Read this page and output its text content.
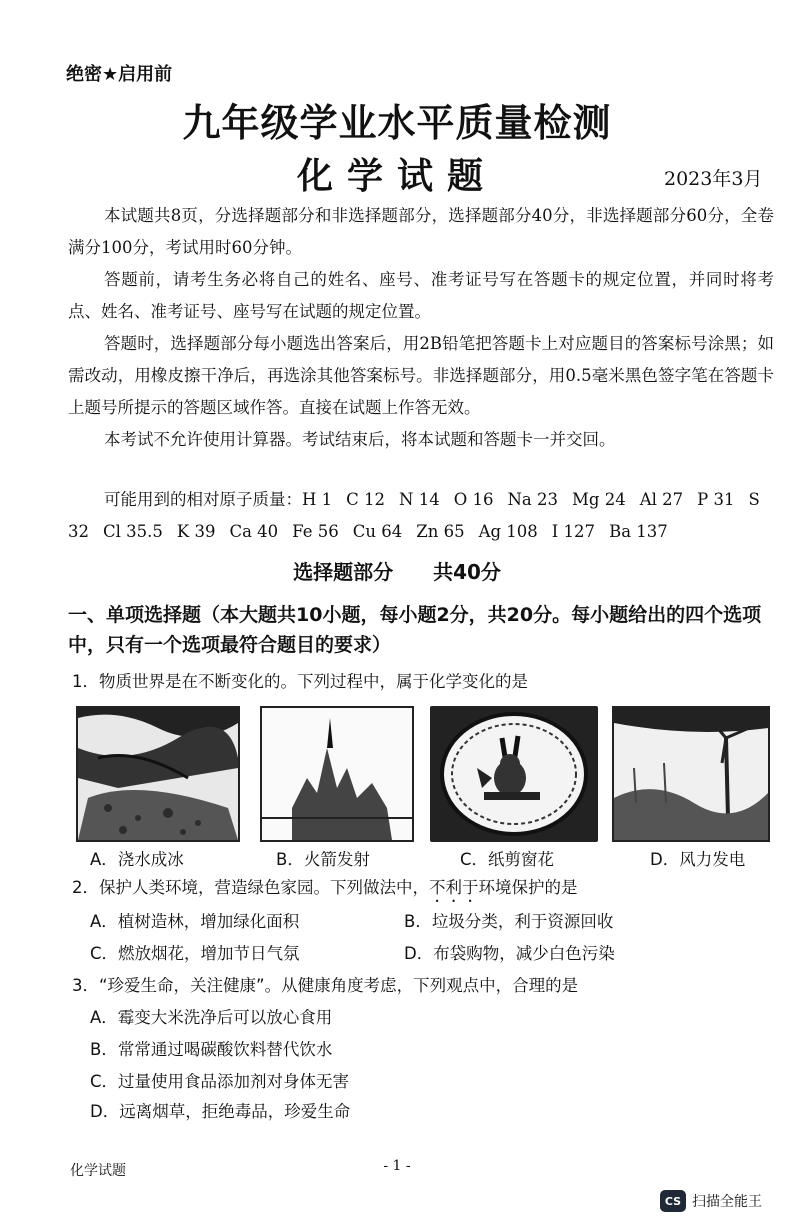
绝密★启用前
九年级学业水平质量检测
化学试题	2023年3月
本试题共8页，分选择题部分和非选择题部分，选择题部分40分，非选择题部分60分，全卷满分100分，考试用时60分钟。
答题前，请考生务必将自己的姓名、座号、准考证号写在答题卡的规定位置，并同时将考点、姓名、准考证号、座号写在试题的规定位置。
答题时，选择题部分每小题选出答案后，用2B铅笔把答题卡上对应题目的答案标号涂黑；如需改动，用橡皮擦干净后，再选涂其他答案标号。非选择题部分，用0.5毫米黑色签字笔在答题卡上题号所提示的答题区域作答。直接在试题上作答无效。
本考试不允许使用计算器。考试结束后，将本试题和答题卡一并交回。
可能用到的相对原子质量：H 1 C 12 N 14 O 16 Na 23 Mg 24 Al 27 P 31 S 32 Cl 35.5 K 39 Ca 40 Fe 56 Cu 64 Zn 65 Ag 108 I 127 Ba 137
选择题部分 共40分
一、单项选择题（本大题共10小题，每小题2分，共20分。每小题给出的四个选项中，只有一个选项最符合题目的要求）
1．物质世界是在不断变化的。下列过程中，属于化学变化的是
A．浇水成冰	B．火箭发射	C．纸剪窗花	D．风力发电
2．保护人类环境，营造绿色家园。下列做法中，不利于环境保护的是
A．植树造林，增加绿化面积	B．垃圾分类，利于资源回收
C．燃放烟花，增加节日气氛	D．布袋购物，减少白色污染
3．“珍爱生命，关注健康”。从健康角度考虑，下列观点中，合理的是
A．霉变大米洗净后可以放心食用
B．常常通过喝碳酸饮料替代饮水
C．过量使用食品添加剂对身体无害
D．远离烟草，拒绝毒品，珍爱生命
化学试题	- 1 -
CS 扫描全能王
